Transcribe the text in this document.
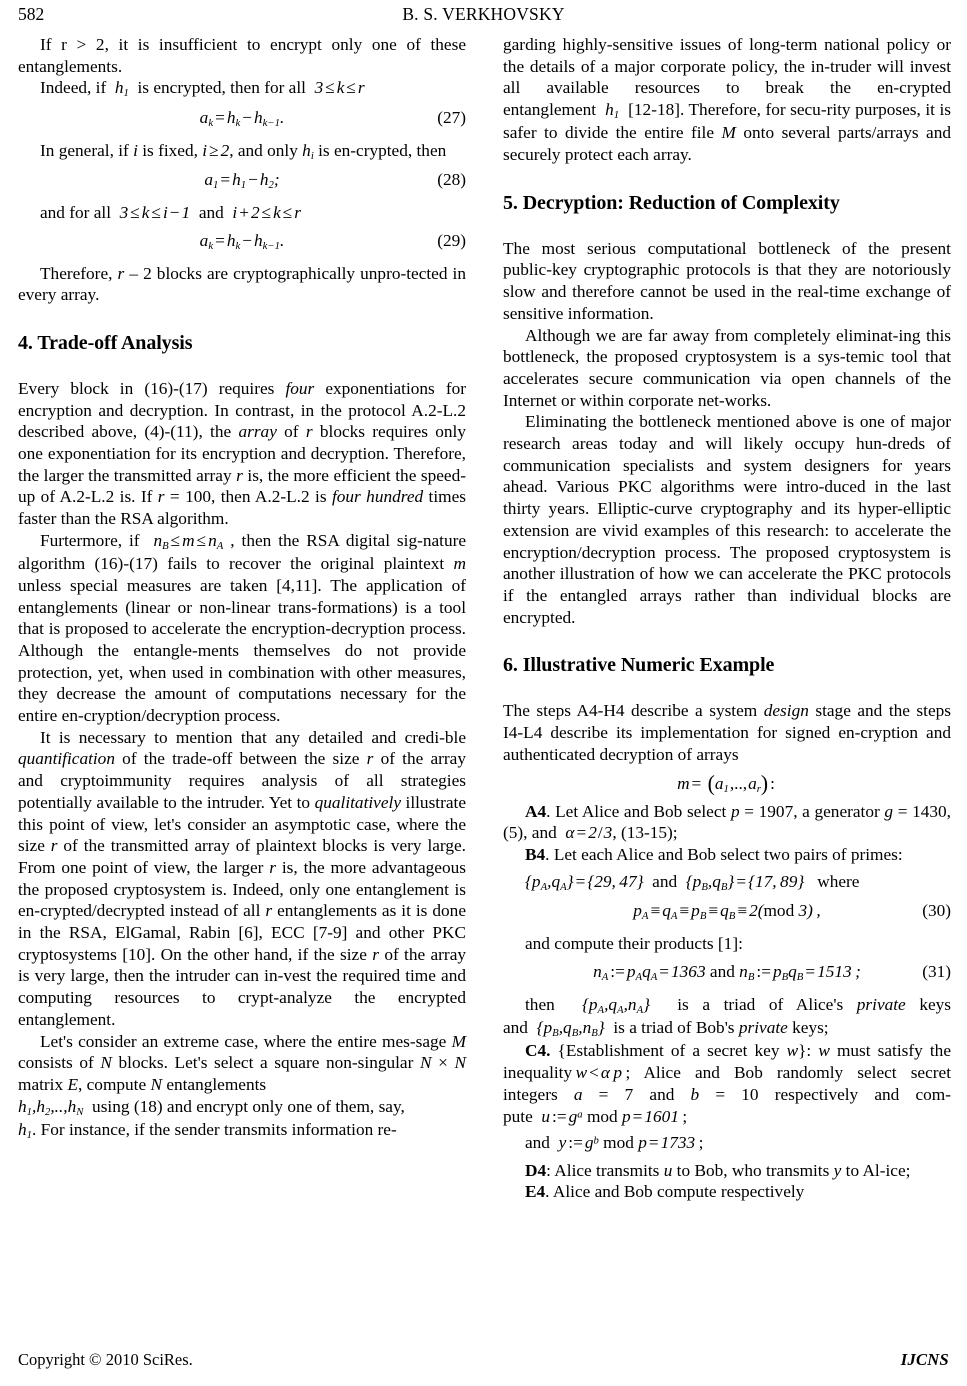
582	B. S. VERKHOVSKY

If r > 2, it is insufficient to encrypt only one of these entanglements.

Indeed, if $h_1$ is encrypted, then for all 3 ≤ k ≤ r

$a_k = h_k - h_{k-1}$.	(27)

In general, if i is fixed, i ≥ 2, and only $h_i$ is en-crypted, then

$a_1 = h_1 - h_2$;	(28)

and for all 3 ≤ k ≤ i − 1 and i + 2 ≤ k ≤ r

$a_k = h_k - h_{k-1}$.	(29)

Therefore, r – 2 blocks are cryptographically unpro-tected in every array.

4. Trade-off Analysis

Every block in (16)-(17) requires four exponentiations for encryption and decryption. In contrast, in the protocol A.2-L.2 described above, (4)-(11), the array of r blocks requires only one exponentiation for its encryption and decryption. Therefore, the larger the transmitted array r is, the more efficient the speed-up of A.2-L.2 is. If r = 100, then A.2-L.2 is four hundred times faster than the RSA algorithm.

Furtermore, if $n_B \le m \le n_A$ , then the RSA digital sig-nature algorithm (16)-(17) fails to recover the original plaintext m unless special measures are taken [4,11]. The application of entanglements (linear or non-linear trans-formations) is a tool that is proposed to accelerate the encryption-decryption process. Although the entangle-ments themselves do not provide protection, yet, when used in combination with other measures, they decrease the amount of computations necessary for the entire en-cryption/decryption process.

It is necessary to mention that any detailed and credi-ble quantification of the trade-off between the size r of the array and cryptoimmunity requires analysis of all strategies potentially available to the intruder. Yet to qualitatively illustrate this point of view, let's consider an asymptotic case, where the size r of the transmitted array of plaintext blocks is very large. From one point of view, the larger r is, the more advantageous the proposed cryptosystem is. Indeed, only one entanglement is en-crypted/decrypted instead of all r entanglements as it is done in the RSA, ElGamal, Rabin [6], ECC [7-9] and other PKC cryptosystems [10]. On the other hand, if the size r of the array is very large, then the intruder can in-vest the required time and computing resources to crypt-analyze the encrypted entanglement.

Let's consider an extreme case, where the entire mes-sage M consists of N blocks. Let's select a square non-singular N × N matrix E, compute N entanglements

$h_1,h_2,..,h_N$ using (18) and encrypt only one of them, say,

$h_1$. For instance, if the sender transmits information re-

garding highly-sensitive issues of long-term national policy or the details of a major corporate policy, the in-truder will invest all available resources to break the en-crypted entanglement  $h_1$  [12-18]. Therefore, for secu-rity purposes, it is safer to divide the entire file M onto several parts/arrays and securely protect each array.

5. Decryption: Reduction of Complexity

The most serious computational bottleneck of the present public-key cryptographic protocols is that they are notoriously slow and therefore cannot be used in the real-time exchange of sensitive information.

Although we are far away from completely eliminat-ing this bottleneck, the proposed cryptosystem is a sys-temic tool that accelerates secure communication via open channels of the Internet or within corporate net-works.

Eliminating the bottleneck mentioned above is one of major research areas today and will likely occupy hun-dreds of communication specialists and system designers for years ahead. Various PKC algorithms were intro-duced in the last thirty years. Elliptic-curve cryptography and its hyper-elliptic extension are vivid examples of this research: to accelerate the encryption/decryption process. The proposed cryptosystem is another illustration of how we can accelerate the PKC protocols if the entangled arrays rather than individual blocks are encrypted.

6. Illustrative Numeric Example

The steps A4-H4 describe a system design stage and the steps I4-L4 describe its implementation for signed en-cryption and authenticated decryption of arrays

$m = (a_1,..,a_r)$ :

A4. Let Alice and Bob select p = 1907, a generator g = 1430, (5), and  α = 2/3, (13-15);

B4. Let each Alice and Bob select two pairs of primes:

$\{p_A,q_A\} = \{29$, 47}  and  $\{p_B,q_B\} = \{17$, 89}   where
$p_A \equiv q_A \equiv p_B \equiv q_B \equiv 2(mod$ 3) ,	(30)

and compute their products [1]:

$n_A$ := $p_Aq_A = 1363$ and $n_B$ := $p_Bq_B = 1513$ ;	(31)

then $\{p_A,q_A,n_A\}$  is a triad of Alice's private keys and  $\{p_B,q_B,n_B\}$  is a triad of Bob's private keys;

C4. {Establishment of a secret key w}: w must satisfy the inequality w < α p ; Alice and Bob randomly select secret integers a = 7 and b = 10 respectively and com-pute  u := $g^a$ mod p = 1601 ;

and  y := $g^b$ mod p = 1733 ;

D4: Alice transmits u to Bob, who transmits y to Al-ice;

E4. Alice and Bob compute respectively

Copyright © 2010 SciRes.	IJCNS
